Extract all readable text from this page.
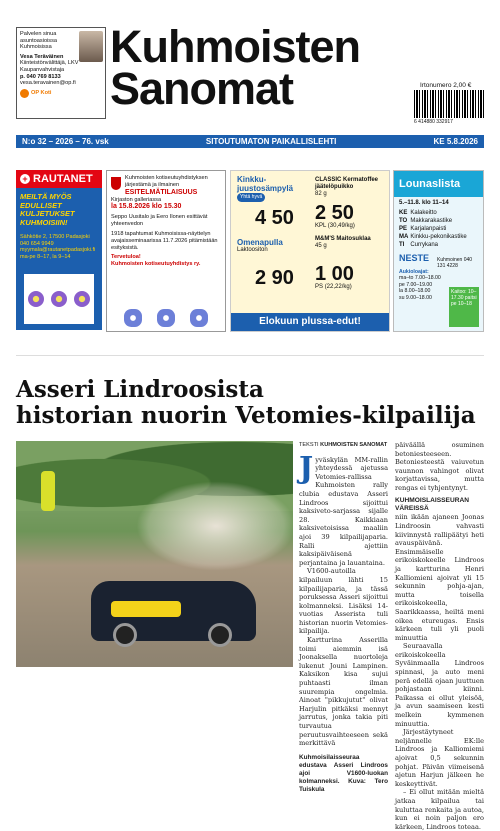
Palvelen sinua asuntoasioissa Kuhmoisissa
Vesa Teräväinen
Kiinteistönvälittäjä, LKV Kaupanvahvistaja
p. 040 769 8133
vesa.teravainen@op.fi
OP Koti
Kuhmoisten
Sanomat	Irtonumero 2,00 €
6 414880 332917
N:o 32 – 2026 – 76. vsk	SITOUTUMATON PAIKALLISLEHTI	KE 5.8.2026
+ RAUTANET
MEILTÄ MYÖS EDULLISET KULJETUKSET KUHMOISIIN!
Sähkötie 2, 17500 Padasjoki 040 654 9949 myymala@rautanetpadasjoki.fi ma-pe 8–17, la 9–14
Kuhmoisten kotiseutuyhdistyksen järjestämä ja ilmainen
ESITELMÄTILAISUUS
Kirjaston galleriassa
la 15.8.2026 klo 15.30
Seppo Uusitalo ja Eero Ilonen esittävät yhteenvedon
1918 tapahtumat Kuhmoisissa-näyttelyn avajaisseminaarissa 11.7.2026 pitämistään esityksistä.
Tervetuloa!
Kuhmoisten kotiseutuyhdistys ry.
Kinkku-juustosämpylä
Yhtä hyvä
4 50
Omenapulla
Laktoositon
2 90
CLASSIC Kermatoffee jäätelöpuikko
82 g
2 50
KPL (30,49/kg)
M&M'S Maitosuklaa
45 g
1 00
PS (22,22/kg)
Elokuun plussa-edut!
Lounaslista
5.–11.8. klo 11–14
KE	Kalakeitto
TO	Makkarakastike
PE	Karjalanpaisti
MA	Kinkku-pekonikastike
TI	Curryk​ana
NESTE	Kuhmoinen 040 131 4228
Aukioloajat:
ma–to 7.00–18.00
pe 7.00–19.00
la 8.00–18.00
su 9.00–18.00
Kaitoo: 10–17.30 paitsi pe 10–18
Asseri Lindroosista
historian nuorin Vetomies-kilpailija
TEKSTI KUHMOISTEN SANOMAT
J yväskylän MM-rallin yhteydessä ajetussa Vetomies-rallissa Kuhmoisten rally clubia edustava Asseri Lindroos sijoittui kaksiveto-sarjassa sijalle 28. Kaikkiaan kaksivetoisissa maaliin ajoi 39 kilpailijaparia. Ralli ajettiin kaksipäiväisenä perjantaina ja lauantaina.

V1600-autoilla kilpailuun lähti 15 kilpailijaparia, ja tässä poruksessa Asseri sijoittui kolmanneksi. Lisäksi 14-vuotias Asserista tuli historian nuorin Vetomies-kilpailija.

Kartturina Asserilla toimi aiemmin isä Joonaksella nuortoleja lukenut Jouni Lampinen. Kaksikon kisa sujui puhtaasti ilman suurempia ongelmia. Ainoat "pikkujutut" olivat Harjulin pitkäksi mennyt jarrutus, jonka takia piti turvautua peruutusvaihteeseen sekä merkittävä

Kuhmoisilaisseuraa edustava Asseri Lindroos ajoi V1600-luokan kolmanneksi. Kuva: Tero Tuiskula

päiväällä osuminen betoniesteeseen. Betoniesteestä vaiuvetun vaunnon vahingot olivat korjattavissa, mutta rengas ei tyhjentynyt.

KUHMOISLAISSEURAN VÄREISSÄ

niin ikään ajaneen Joonas Lindroosin vahvasti kiivinnystä rallipäätyi heti avauspäivänä. Ensimmäiselle erikoiskokeelle Lindroos ja kartturina Henri Kalliomieni ajoivat yli 15 sekunnin pohja-ajan, mutta toisella erikoiskokeella, Saarikkaassa, heiltä meni oikea etureugas. Ensis kärkeen tuli yli puoli minuuttia

Seuraavalla erikoiskokeella Syväinmaalla Lindroos spinnasi, ja auto meni perä edellä ojaan juuttuen pohjastaan kiinni. Paikassa ei ollut yleisöä, ja avun saamiseen kesti melkein kymmenen minuuttia.

Järjestäytyneet neljännelle EK:lle Lindroos ja Kalliomiemi ajoivat 0,5 sekunnin pohjat. Päivän viimeisenä ajetun Harjun jälkeen he keskeyttivät.

– Ei ollut mitään mieltä jatkaa kilpailua tai kuluttaa renkaita ja autoa, kun ei noin paljon ero kärkeen, Lindroos toteaa.
